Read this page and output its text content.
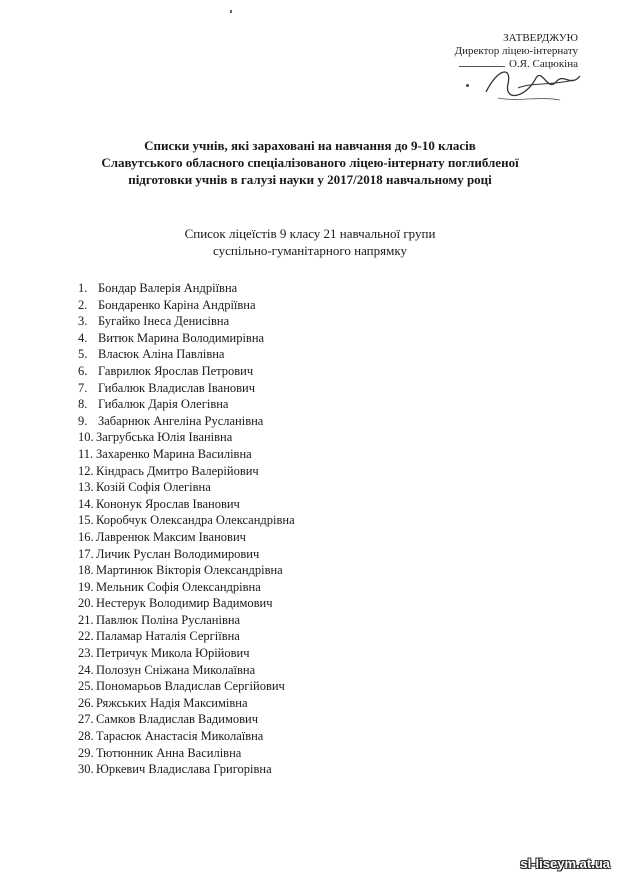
ЗАТВЕРДЖУЮ
Директор ліцею-інтернату
О.Я. Сацюкіна
Списки учнів, які зараховані на навчання до 9-10 класів
Славутського обласного спеціалізованого ліцею-інтернату поглибленої
підготовки учнів в галузі науки у 2017/2018 навчальному році
Список ліцеїстів 9 класу 21 навчальної групи
суспільно-гуманітарного напрямку
1. Бондар Валерія Андріївна
2. Бондаренко Каріна Андріївна
3. Бугайко Інеса Денисівна
4. Витюк Марина Володимирівна
5. Власюк Аліна Павлівна
6. Гаврилюк Ярослав Петрович
7. Гибалюк Владислав Іванович
8. Гибалюк Дарія Олегівна
9. Забарнюк Ангеліна Русланівна
10. Загрубська Юлія Іванівна
11. Захаренко Марина Василівна
12. Кіндрась Дмитро Валерійович
13. Козій Софія Олегівна
14. Кононук Ярослав Іванович
15. Коробчук Олександра Олександрівна
16. Лавренюк Максим Іванович
17. Личик Руслан Володимирович
18. Мартинюк Вікторія Олександрівна
19. Мельник Софія Олександрівна
20. Нестерук Володимир Вадимович
21. Павлюк Поліна Русланівна
22. Паламар Наталія Сергіївна
23. Петричук Микола Юрійович
24. Полозун Сніжана Миколаївна
25. Пономарьов Владислав Сергійович
26. Ряжських Надія Максимівна
27. Самков Владислав Вадимович
28. Тарасюк Анастасія Миколаївна
29. Тютюнник Анна Василівна
30. Юркевич Владислава Григорівна
sl-liseym.at.ua
